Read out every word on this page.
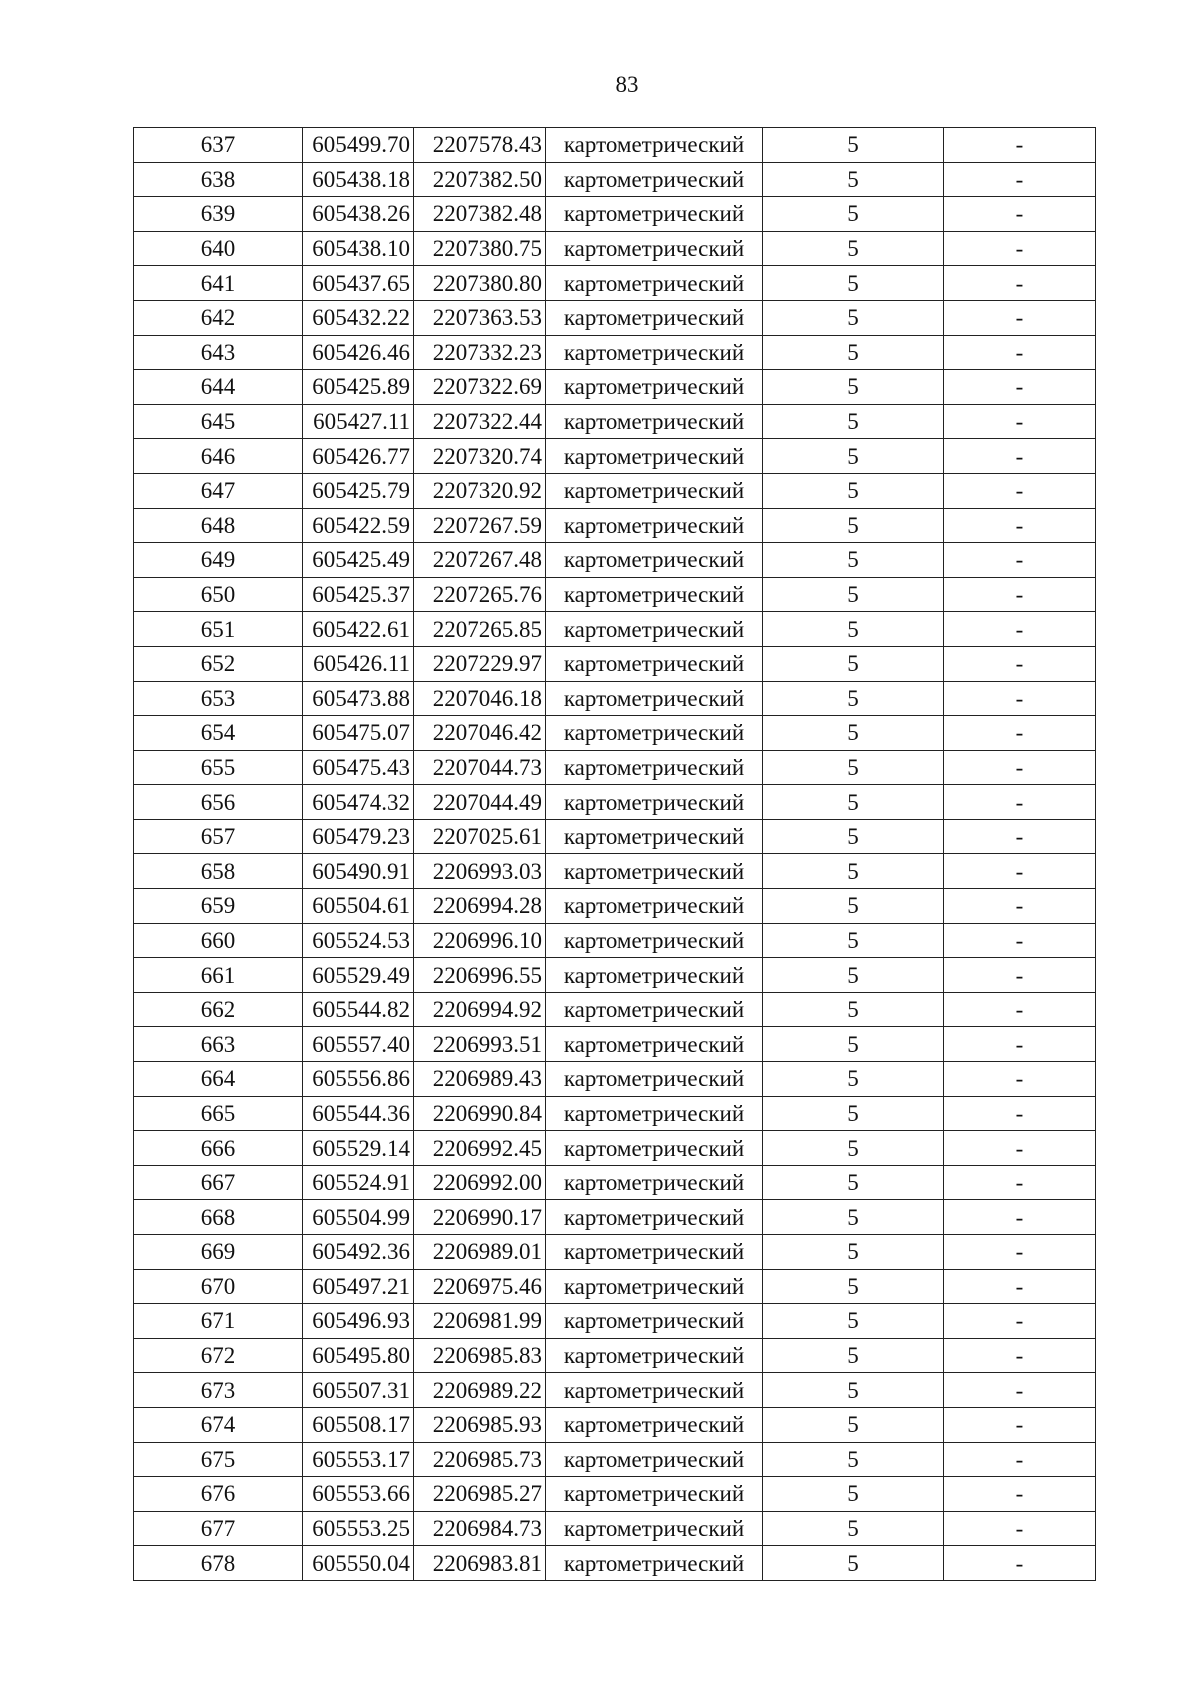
83
637	605499.70	2207578.43	картометрический	5	-
638	605438.18	2207382.50	картометрический	5	-
639	605438.26	2207382.48	картометрический	5	-
640	605438.10	2207380.75	картометрический	5	-
641	605437.65	2207380.80	картометрический	5	-
642	605432.22	2207363.53	картометрический	5	-
643	605426.46	2207332.23	картометрический	5	-
644	605425.89	2207322.69	картометрический	5	-
645	605427.11	2207322.44	картометрический	5	-
646	605426.77	2207320.74	картометрический	5	-
647	605425.79	2207320.92	картометрический	5	-
648	605422.59	2207267.59	картометрический	5	-
649	605425.49	2207267.48	картометрический	5	-
650	605425.37	2207265.76	картометрический	5	-
651	605422.61	2207265.85	картометрический	5	-
652	605426.11	2207229.97	картометрический	5	-
653	605473.88	2207046.18	картометрический	5	-
654	605475.07	2207046.42	картометрический	5	-
655	605475.43	2207044.73	картометрический	5	-
656	605474.32	2207044.49	картометрический	5	-
657	605479.23	2207025.61	картометрический	5	-
658	605490.91	2206993.03	картометрический	5	-
659	605504.61	2206994.28	картометрический	5	-
660	605524.53	2206996.10	картометрический	5	-
661	605529.49	2206996.55	картометрический	5	-
662	605544.82	2206994.92	картометрический	5	-
663	605557.40	2206993.51	картометрический	5	-
664	605556.86	2206989.43	картометрический	5	-
665	605544.36	2206990.84	картометрический	5	-
666	605529.14	2206992.45	картометрический	5	-
667	605524.91	2206992.00	картометрический	5	-
668	605504.99	2206990.17	картометрический	5	-
669	605492.36	2206989.01	картометрический	5	-
670	605497.21	2206975.46	картометрический	5	-
671	605496.93	2206981.99	картометрический	5	-
672	605495.80	2206985.83	картометрический	5	-
673	605507.31	2206989.22	картометрический	5	-
674	605508.17	2206985.93	картометрический	5	-
675	605553.17	2206985.73	картометрический	5	-
676	605553.66	2206985.27	картометрический	5	-
677	605553.25	2206984.73	картометрический	5	-
678	605550.04	2206983.81	картометрический	5	-
